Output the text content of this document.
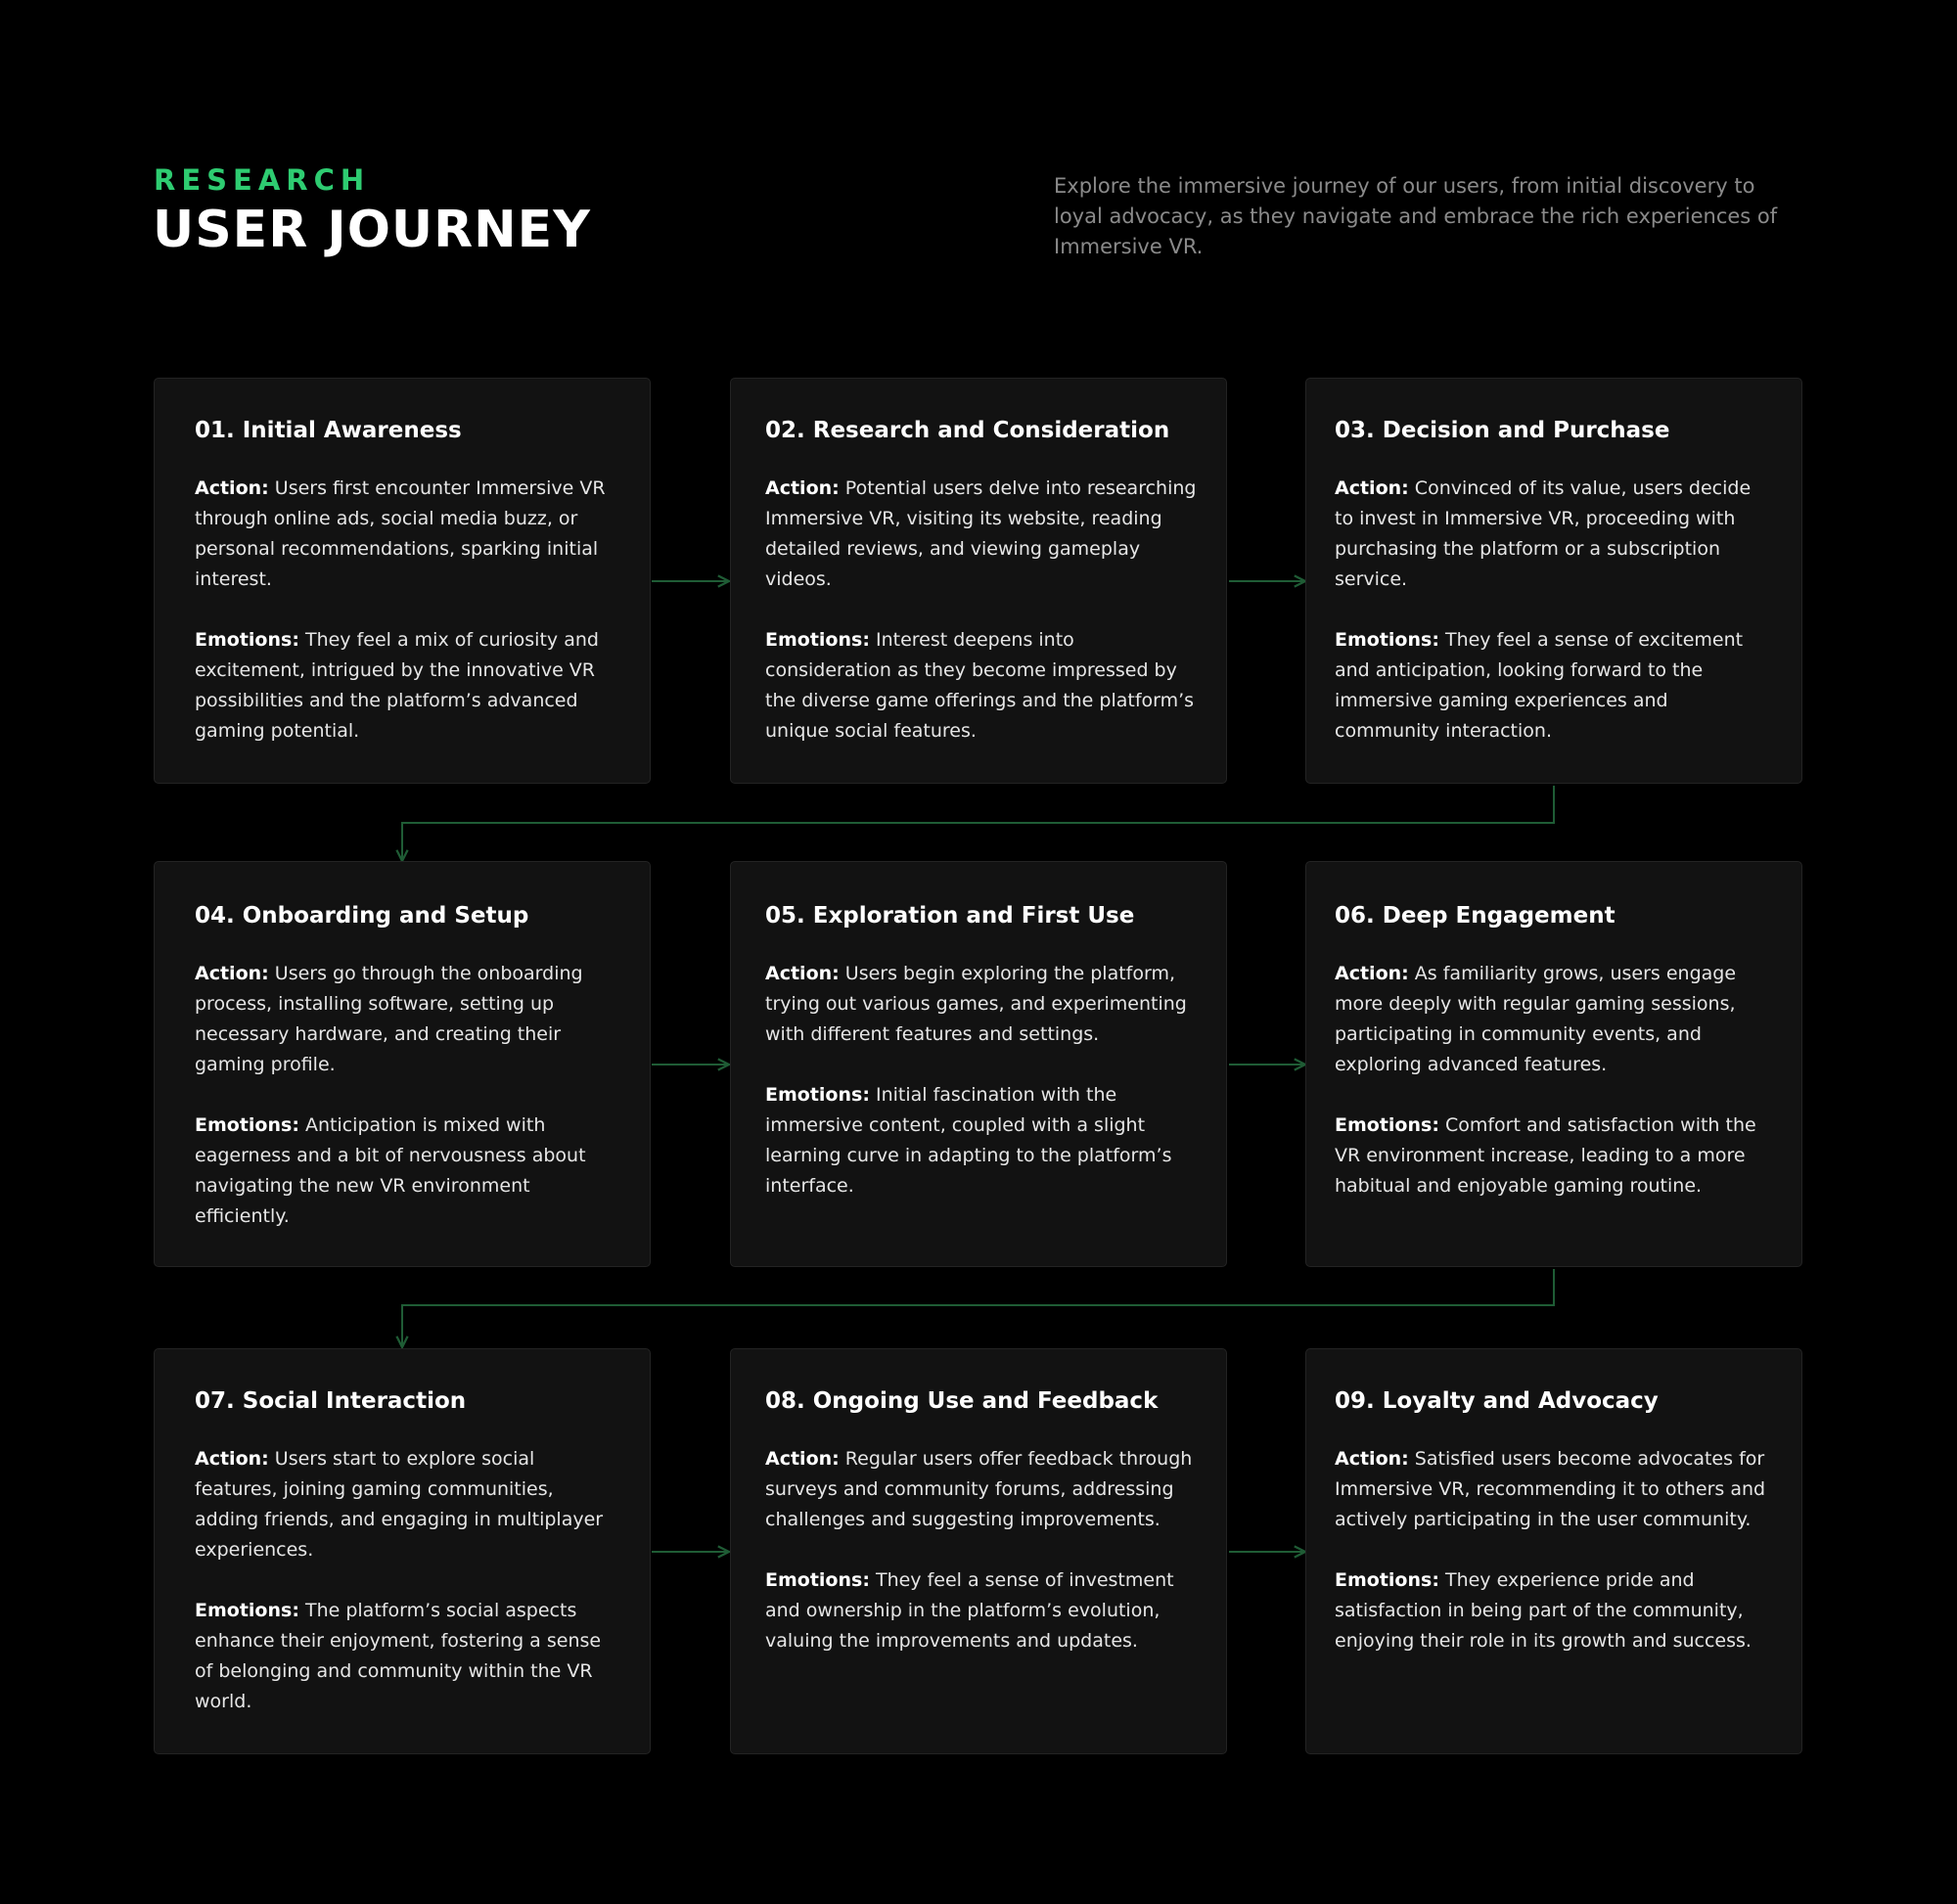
RESEARCH
USER JOURNEY

Explore the immersive journey of our users, from initial discovery to loyal advocacy, as they navigate and embrace the rich experiences of Immersive VR.

01. Initial Awareness

Action: Users first encounter Immersive VR through online ads, social media buzz, or personal recommendations, sparking initial interest.

Emotions: They feel a mix of curiosity and excitement, intrigued by the innovative VR possibilities and the platform’s advanced gaming potential.

02. Research and Consideration

Action: Potential users delve into researching Immersive VR, visiting its website, reading detailed reviews, and viewing gameplay videos.

Emotions: Interest deepens into consideration as they become impressed by the diverse game offerings and the platform’s unique social features.

03. Decision and Purchase

Action: Convinced of its value, users decide to invest in Immersive VR, proceeding with purchasing the platform or a subscription service.

Emotions: They feel a sense of excitement and anticipation, looking forward to the immersive gaming experiences and community interaction.

04. Onboarding and Setup

Action: Users go through the onboarding process, installing software, setting up necessary hardware, and creating their gaming profile.

Emotions: Anticipation is mixed with eagerness and a bit of nervousness about navigating the new VR environment efficiently.

05. Exploration and First Use

Action: Users begin exploring the platform, trying out various games, and experimenting with different features and settings.

Emotions: Initial fascination with the immersive content, coupled with a slight learning curve in adapting to the platform’s interface.

06. Deep Engagement

Action: As familiarity grows, users engage more deeply with regular gaming sessions, participating in community events, and exploring advanced features.

Emotions: Comfort and satisfaction with the VR environment increase, leading to a more habitual and enjoyable gaming routine.

07. Social Interaction

Action: Users start to explore social features, joining gaming communities, adding friends, and engaging in multiplayer experiences.

Emotions: The platform’s social aspects enhance their enjoyment, fostering a sense of belonging and community within the VR world.

08. Ongoing Use and Feedback

Action: Regular users offer feedback through surveys and community forums, addressing challenges and suggesting improvements.

Emotions: They feel a sense of investment and ownership in the platform’s evolution, valuing the improvements and updates.

09. Loyalty and Advocacy

Action: Satisfied users become advocates for Immersive VR, recommending it to others and actively participating in the user community.

Emotions: They experience pride and satisfaction in being part of the community, enjoying their role in its growth and success.
